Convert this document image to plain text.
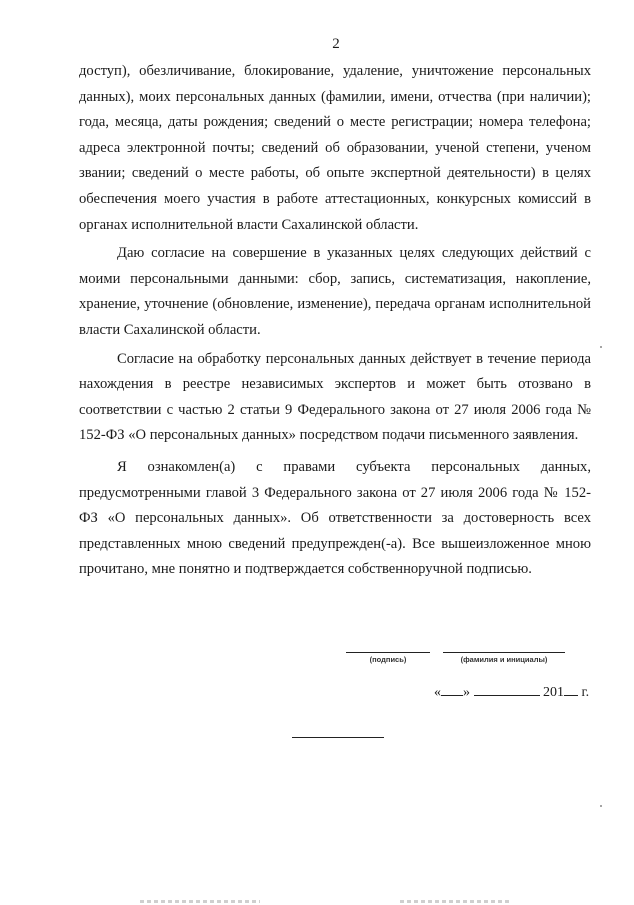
2

доступ), обезличивание, блокирование, удаление, уничтожение персональных данных), моих персональных данных (фамилии, имени, отчества (при наличии); года, месяца, даты рождения; сведений о месте регистрации; номера телефона; адреса электронной почты; сведений об образовании, ученой степени, ученом звании; сведений о месте работы, об опыте экспертной деятельности) в целях обеспечения моего участия в работе аттестационных, конкурсных комиссий в органах исполнительной власти Сахалинской области.

Даю согласие на совершение в указанных целях следующих действий с моими персональными данными: сбор, запись, систематизация, накопление, хранение, уточнение (обновление, изменение), передача органам исполнительной власти Сахалинской области.

Согласие на обработку персональных данных действует в течение периода нахождения в реестре независимых экспертов и может быть отозвано в соответствии с частью 2 статьи 9 Федерального закона от 27 июля 2006 года № 152-ФЗ «О персональных данных» посредством подачи письменного заявления.

Я ознакомлен(а) с правами субъекта персональных данных, предусмотренными главой 3 Федерального закона от 27 июля 2006 года № 152-ФЗ «О персональных данных». Об ответственности за достоверность всех представленных мною сведений предупрежден(-а). Все вышеизложенное мною прочитано, мне понятно и подтверждается собственноручной подписью.

(подпись)	(фамилия и инициалы)
« »	201 г.
